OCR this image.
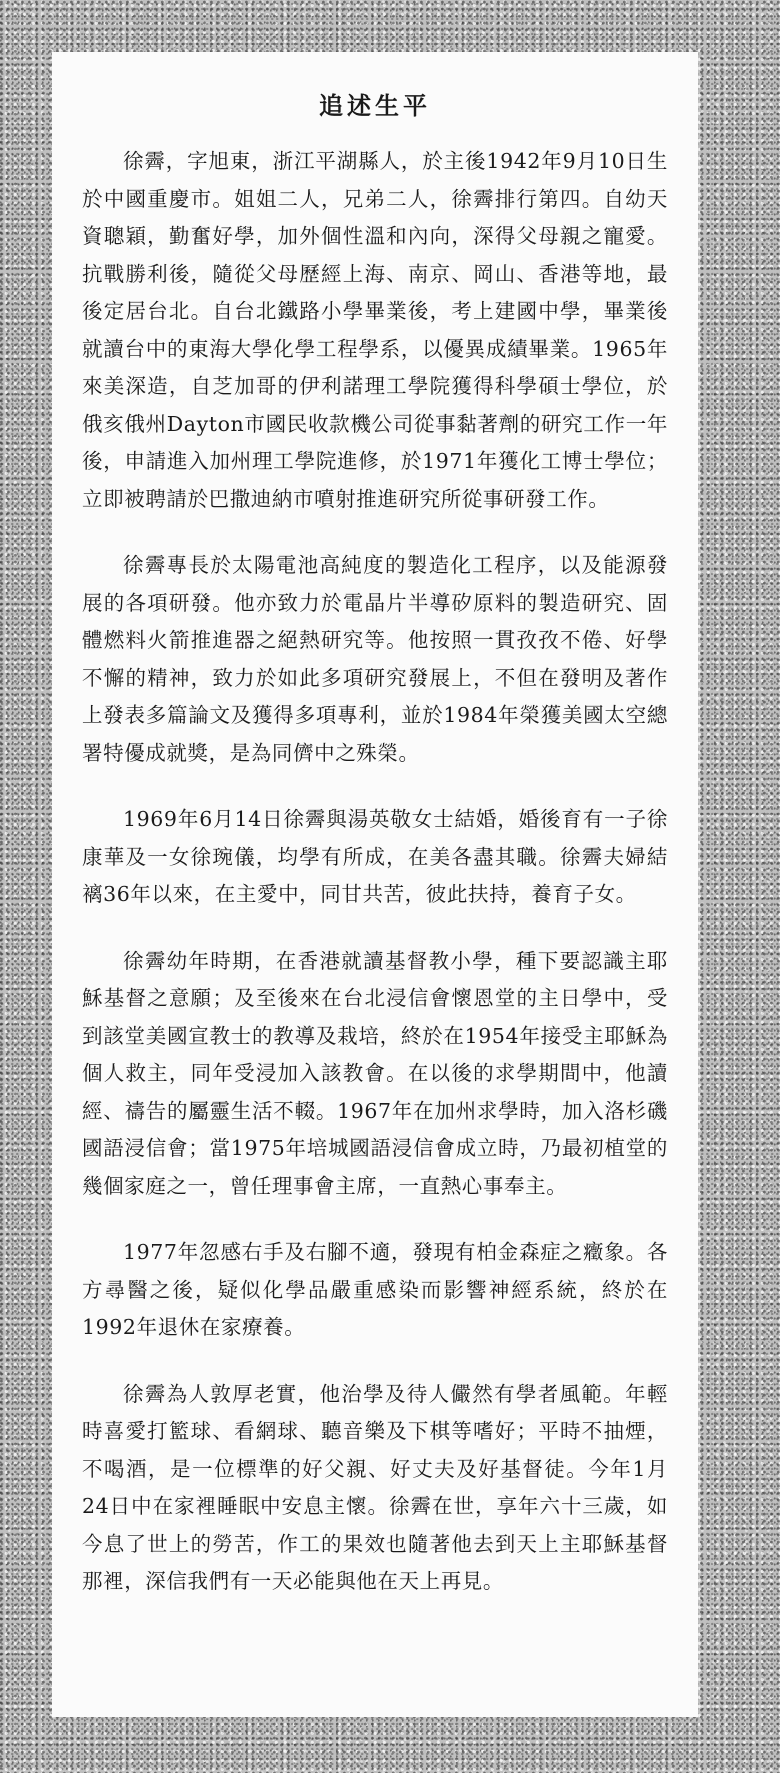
追述生平

徐霽，字旭東，浙江平湖縣人，於主後1942年9月10日生於中國重慶市。姐姐二人，兄弟二人，徐霽排行第四。自幼天資聰穎，勤奮好學，加外個性溫和內向，深得父母親之寵愛。抗戰勝利後，隨從父母歷經上海、南京、岡山、香港等地，最後定居台北。自台北鐵路小學畢業後，考上建國中學，畢業後就讀台中的東海大學化學工程學系，以優異成績畢業。1965年來美深造，自芝加哥的伊利諾理工學院獲得科學碩士學位，於俄亥俄州Dayton市國民收款機公司從事黏著劑的研究工作一年後，申請進入加州理工學院進修，於1971年獲化工博士學位；立即被聘請於巴撒迪納市噴射推進研究所從事研發工作。

徐霽專長於太陽電池高純度的製造化工程序，以及能源發展的各項研發。他亦致力於電晶片半導矽原料的製造研究、固體燃料火箭推進器之絕熱研究等。他按照一貫孜孜不倦、好學不懈的精神，致力於如此多項研究發展上，不但在發明及著作上發表多篇論文及獲得多項專利，並於1984年榮獲美國太空總署特優成就獎，是為同儕中之殊榮。

1969年6月14日徐霽與湯英敬女士結婚，婚後育有一子徐康華及一女徐琬儀，均學有所成，在美各盡其職。徐霽夫婦結褵36年以來，在主愛中，同甘共苦，彼此扶持，養育子女。

徐霽幼年時期，在香港就讀基督教小學，種下要認識主耶穌基督之意願；及至後來在台北浸信會懷恩堂的主日學中，受到該堂美國宣教士的教導及栽培，終於在1954年接受主耶穌為個人救主，同年受浸加入該教會。在以後的求學期間中，他讀經、禱告的屬靈生活不輟。1967年在加州求學時，加入洛杉磯國語浸信會；當1975年培城國語浸信會成立時，乃最初植堂的幾個家庭之一，曾任理事會主席，一直熱心事奉主。

1977年忽感右手及右腳不適，發現有柏金森症之癥象。各方尋醫之後，疑似化學品嚴重感染而影響神經系統，終於在1992年退休在家療養。

徐霽為人敦厚老實，他治學及待人儼然有學者風範。年輕時喜愛打籃球、看網球、聽音樂及下棋等嗜好；平時不抽煙，不喝酒，是一位標準的好父親、好丈夫及好基督徒。今年1月24日中在家裡睡眠中安息主懷。徐霽在世，享年六十三歲，如今息了世上的勞苦，作工的果效也隨著他去到天上主耶穌基督那裡，深信我們有一天必能與他在天上再見。
